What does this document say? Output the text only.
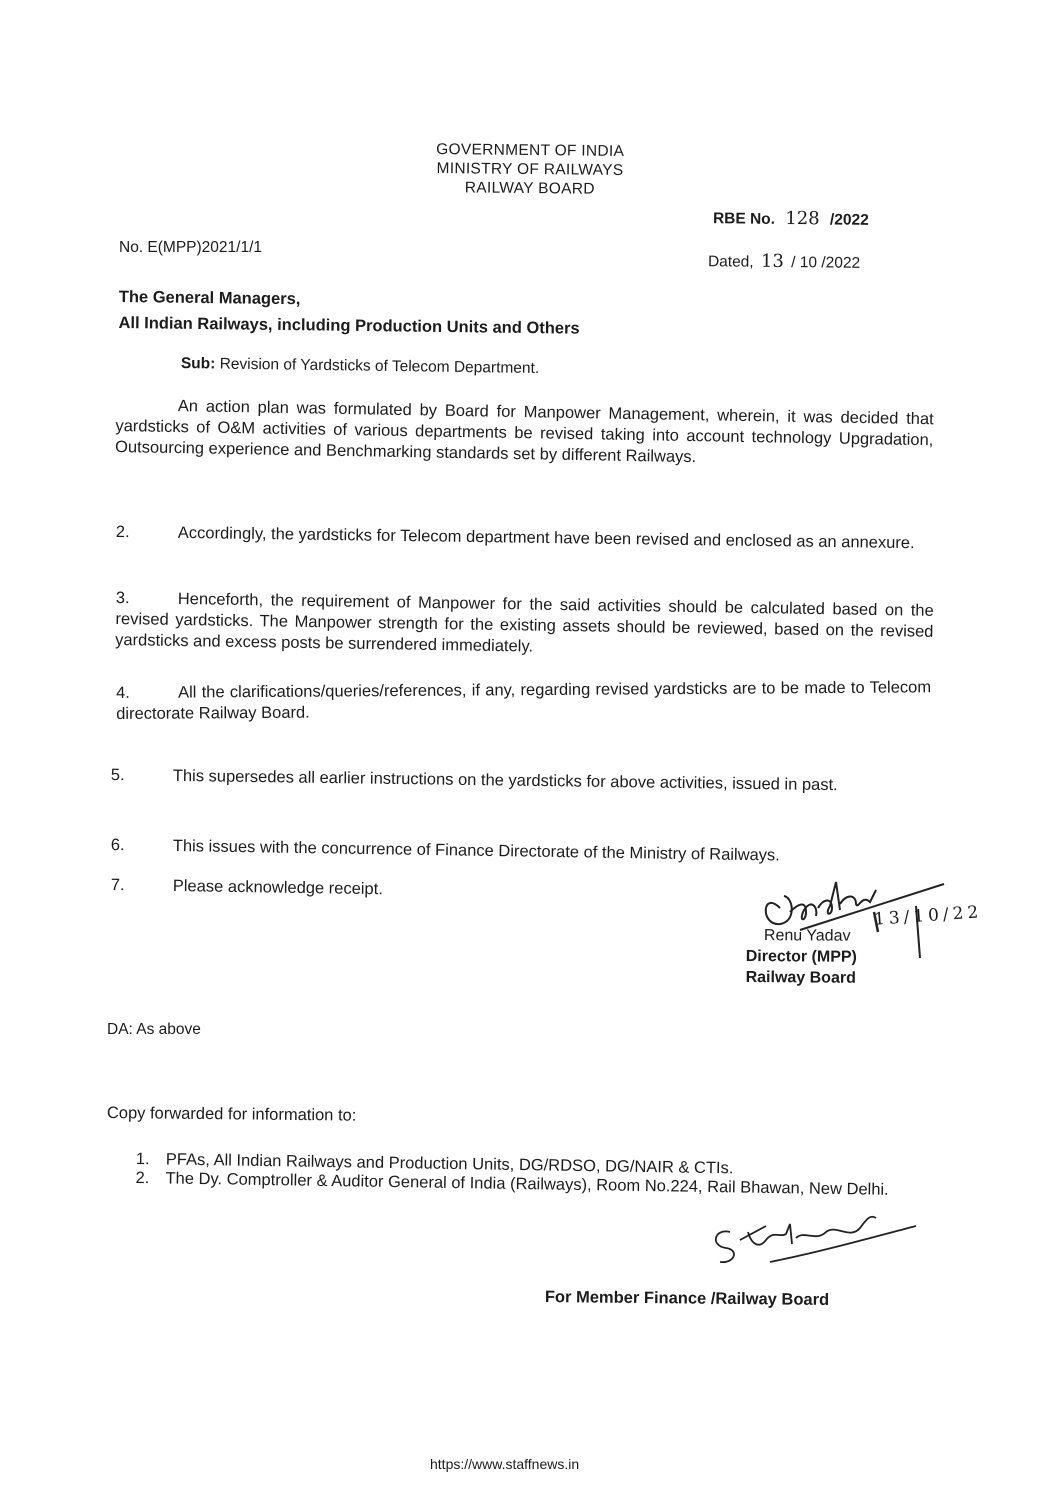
GOVERNMENT OF INDIA
MINISTRY OF RAILWAYS
RAILWAY BOARD
RBE No. 128 /2022
No. E(MPP)2021/1/1
Dated, 13 / 10 /2022
The General Managers,
All Indian Railways, including Production Units and Others
Sub: Revision of Yardsticks of Telecom Department.
An action plan was formulated by Board for Manpower Management, wherein, it was decided that yardsticks of O&M activities of various departments be revised taking into account technology Upgradation, Outsourcing experience and Benchmarking standards set by different Railways.
2.	Accordingly, the yardsticks for Telecom department have been revised and enclosed as an annexure.
3.	Henceforth, the requirement of Manpower for the said activities should be calculated based on the revised yardsticks. The Manpower strength for the existing assets should be reviewed, based on the revised yardsticks and excess posts be surrendered immediately.
4.	All the clarifications/queries/references, if any, regarding revised yardsticks are to be made to Telecom directorate Railway Board.
5.	This supersedes all earlier instructions on the yardsticks for above activities, issued in past.
6.	This issues with the concurrence of Finance Directorate of the Ministry of Railways.
7.	Please acknowledge receipt.
13/10/22
Renu Yadav
Director (MPP)
Railway Board
DA: As above
Copy forwarded for information to:
1. PFAs, All Indian Railways and Production Units, DG/RDSO, DG/NAIR & CTIs.
2. The Dy. Comptroller & Auditor General of India (Railways), Room No.224, Rail Bhawan, New Delhi.
For Member Finance /Railway Board
https://www.staffnews.in
